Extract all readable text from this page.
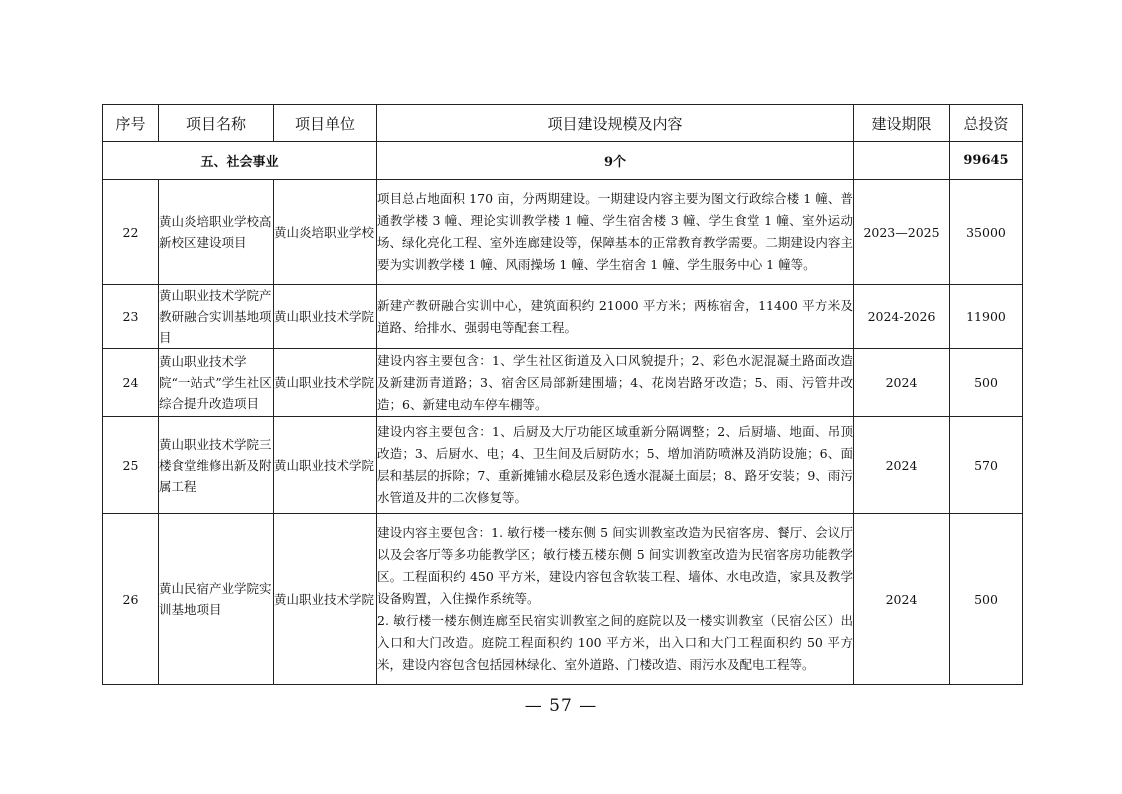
序号	项目名称	项目单位	项目建设规模及内容	建设期限	总投资
五、社会事业			9个		99645
22	黄山炎培职业学校高新校区建设项目	黄山炎培职业学校	项目总占地面积 170 亩，分两期建设。一期建设内容主要为图文行政综合楼 1 幢、普通教学楼 3 幢、理论实训教学楼 1 幢、学生宿舍楼 3 幢、学生食堂 1 幢、室外运动场、绿化亮化工程、室外连廊建设等，保障基本的正常教育教学需要。二期建设内容主要为实训教学楼 1 幢、风雨操场 1 幢、学生宿舍 1 幢、学生服务中心 1 幢等。	2023—2025	35000
23	黄山职业技术学院产教研融合实训基地项目	黄山职业技术学院	新建产教研融合实训中心，建筑面积约 21000 平方米；两栋宿舍，11400 平方米及道路、给排水、强弱电等配套工程。	2024-2026	11900
24	黄山职业技术学院“一站式”学生社区综合提升改造项目	黄山职业技术学院	建设内容主要包含：1、学生社区街道及入口风貌提升；2、彩色水泥混凝土路面改造及新建沥青道路；3、宿舍区局部新建围墙；4、花岗岩路牙改造；5、雨、污管井改造；6、新建电动车停车棚等。	2024	500
25	黄山职业技术学院三楼食堂维修出新及附属工程	黄山职业技术学院	建设内容主要包含：1、后厨及大厅功能区域重新分隔调整；2、后厨墙、地面、吊顶改造；3、后厨水、电；4、卫生间及后厨防水；5、增加消防喷淋及消防设施；6、面层和基层的拆除；7、重新摊铺水稳层及彩色透水混凝土面层；8、路牙安装；9、雨污水管道及井的二次修复等。	2024	570
26	黄山民宿产业学院实训基地项目	黄山职业技术学院	建设内容主要包含：1. 敏行楼一楼东侧 5 间实训教室改造为民宿客房、餐厅、会议厅以及会客厅等多功能教学区；敏行楼五楼东侧 5 间实训教室改造为民宿客房功能教学区。工程面积约 450 平方米，建设内容包含软装工程、墙体、水电改造，家具及教学设备购置，入住操作系统等。

2. 敏行楼一楼东侧连廊至民宿实训教室之间的庭院以及一楼实训教室（民宿公区）出入口和大门改造。庭院工程面积约 100 平方米，出入口和大门工程面积约 50 平方米，建设内容包含包括园林绿化、室外道路、门楼改造、雨污水及配电工程等。	2024	500
— 57 —
